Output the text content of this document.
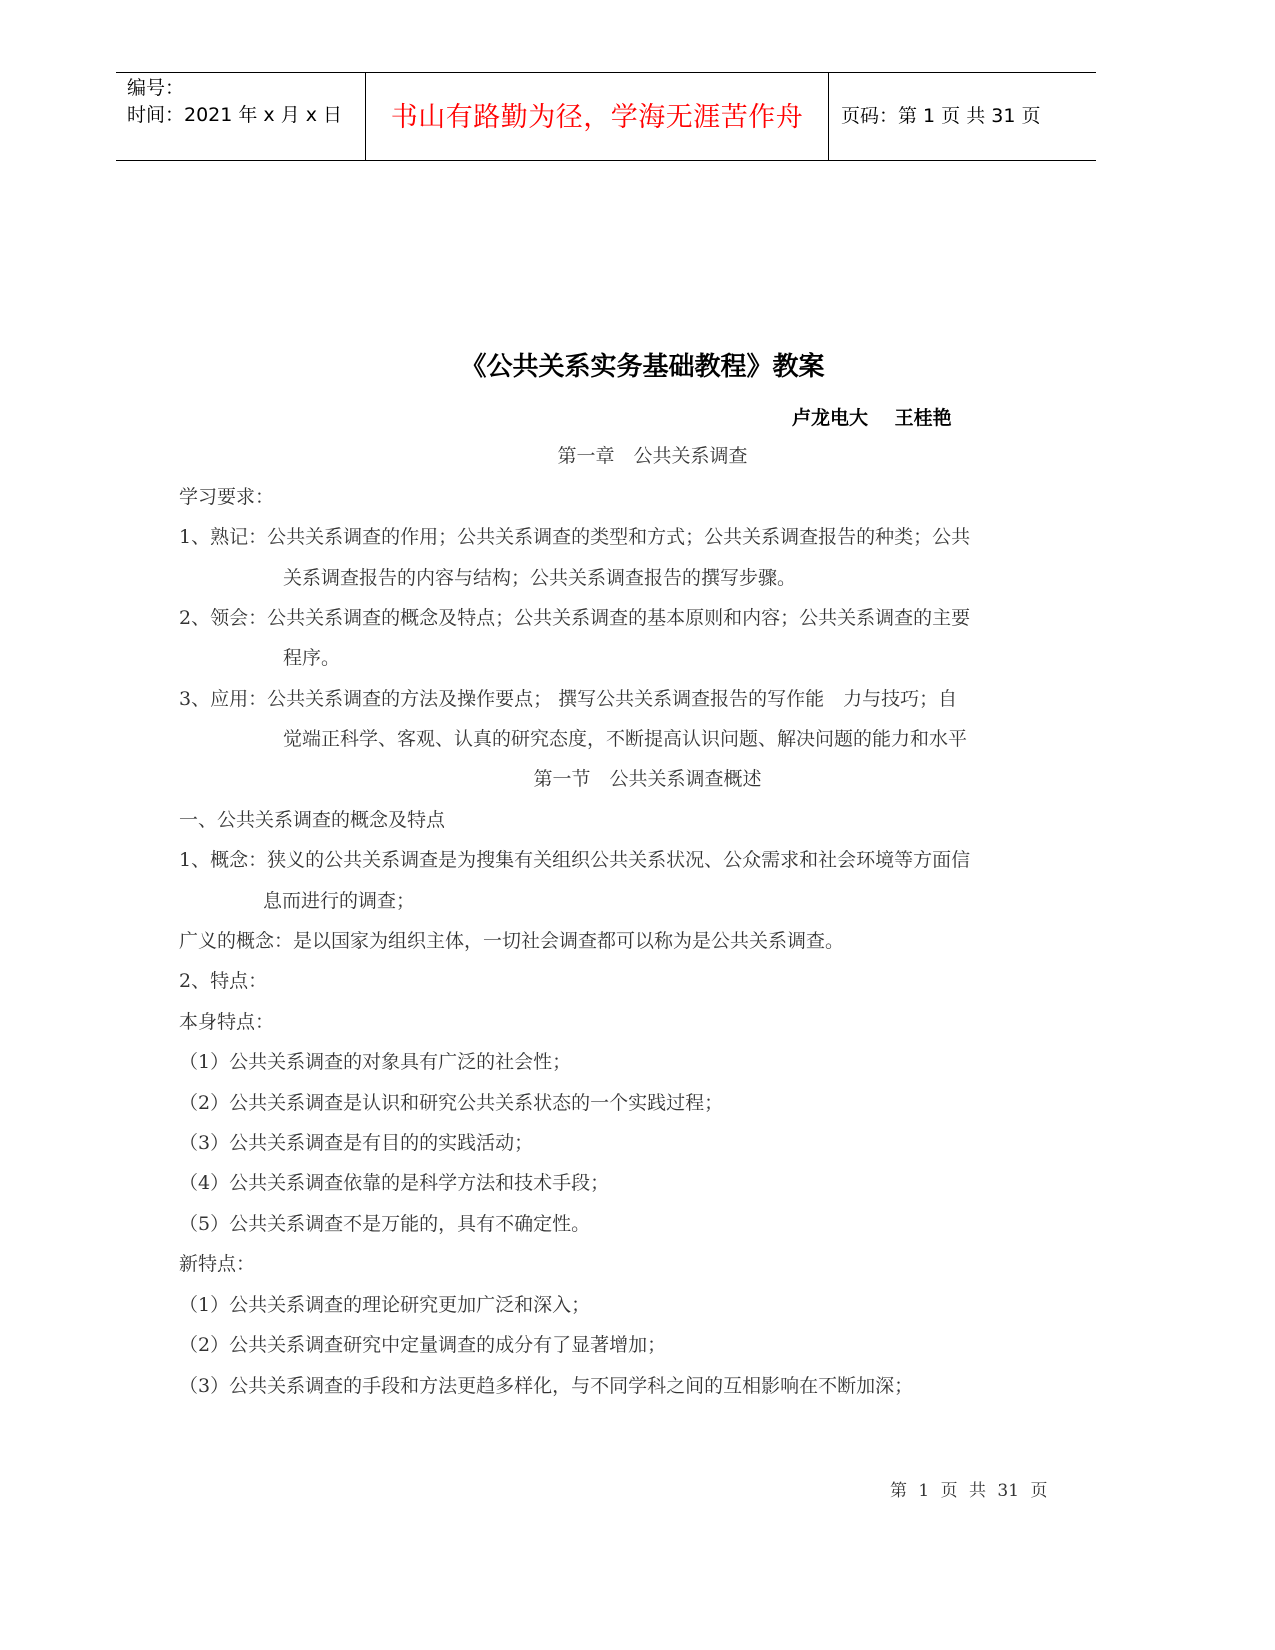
编号：
时间：2021 年 x 月 x 日	书山有路勤为径，学海无涯苦作舟	页码：第 1 页 共 31 页
《公共关系实务基础教程》教案
卢龙电大 王桂艳
第一章　公共关系调查
学习要求：
1、熟记：公共关系调查的作用；公共关系调查的类型和方式；公共关系调查报告的种类；公共
关系调查报告的内容与结构；公共关系调查报告的撰写步骤。
2、领会：公共关系调查的概念及特点；公共关系调查的基本原则和内容；公共关系调查的主要
程序。
3、应用：公共关系调查的方法及操作要点； 撰写公共关系调查报告的写作能　力与技巧；自
觉端正科学、客观、认真的研究态度，不断提高认识问题、解决问题的能力和水平
第一节　公共关系调查概述
一、公共关系调查的概念及特点
1、概念：狭义的公共关系调查是为搜集有关组织公共关系状况、公众需求和社会环境等方面信
息而进行的调查；
广义的概念：是以国家为组织主体，一切社会调查都可以称为是公共关系调查。
2、特点：
本身特点：
（1）公共关系调查的对象具有广泛的社会性；
（2）公共关系调查是认识和研究公共关系状态的一个实践过程；
（3）公共关系调查是有目的的实践活动；
（4）公共关系调查依靠的是科学方法和技术手段；
（5）公共关系调查不是万能的，具有不确定性。
新特点：
（1）公共关系调查的理论研究更加广泛和深入；
（2）公共关系调查研究中定量调查的成分有了显著增加；
（3）公共关系调查的手段和方法更趋多样化，与不同学科之间的互相影响在不断加深；
第 1 页 共 31 页
